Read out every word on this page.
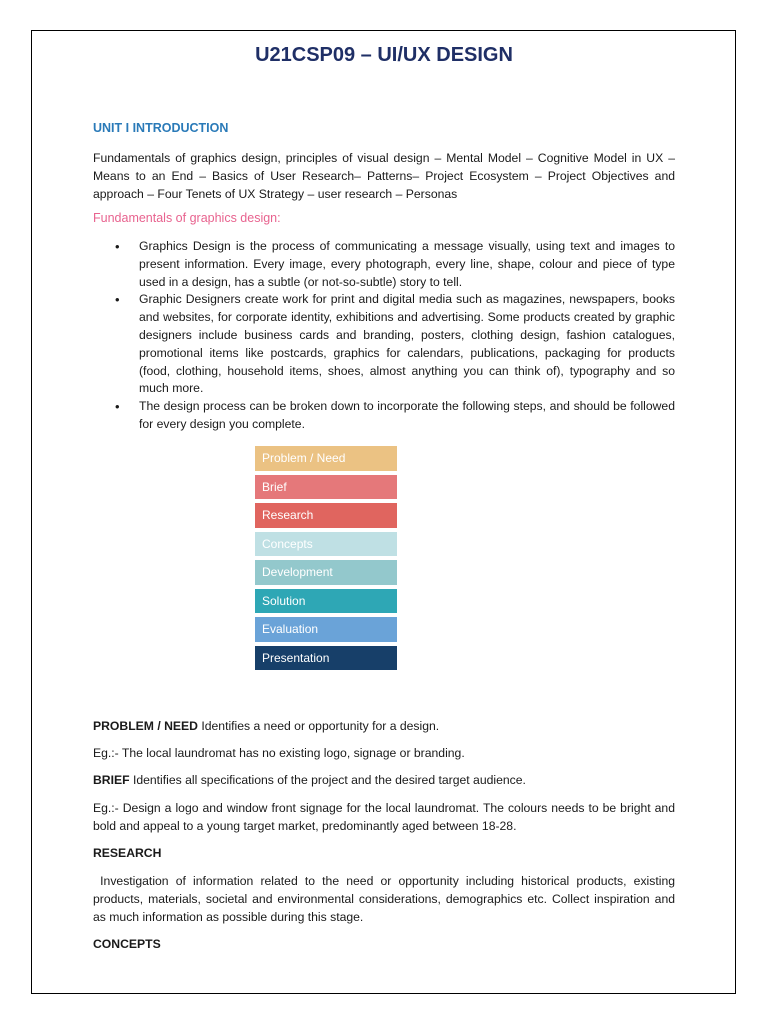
U21CSP09 – UI/UX DESIGN
UNIT I INTRODUCTION
Fundamentals of graphics design, principles of visual design – Mental Model – Cognitive Model in UX – Means to an End – Basics of User Research– Patterns– Project Ecosystem – Project Objectives and approach – Four Tenets of UX Strategy – user research – Personas
Fundamentals of graphics design:
• Graphics Design is the process of communicating a message visually, using text and images to present information. Every image, every photograph, every line, shape, colour and piece of type used in a design, has a subtle (or not-so-subtle) story to tell.
• Graphic Designers create work for print and digital media such as magazines, newspapers, books and websites, for corporate identity, exhibitions and advertising. Some products created by graphic designers include business cards and branding, posters, clothing design, fashion catalogues, promotional items like postcards, graphics for calendars, publications, packaging for products (food, clothing, household items, shoes, almost anything you can think of), typography and so much more.
• The design process can be broken down to incorporate the following steps, and should be followed for every design you complete.
Problem / Need
Brief
Research
Concepts
Development
Solution
Evaluation
Presentation
PROBLEM / NEED Identifies a need or opportunity for a design.
Eg.:- The local laundromat has no existing logo, signage or branding.
BRIEF Identifies all specifications of the project and the desired target audience.
Eg.:- Design a logo and window front signage for the local laundromat. The colours needs to be bright and bold and appeal to a young target market, predominantly aged between 18-28.
RESEARCH
Investigation of information related to the need or opportunity including historical products, existing products, materials, societal and environmental considerations, demographics etc. Collect inspiration and as much information as possible during this stage.
CONCEPTS
